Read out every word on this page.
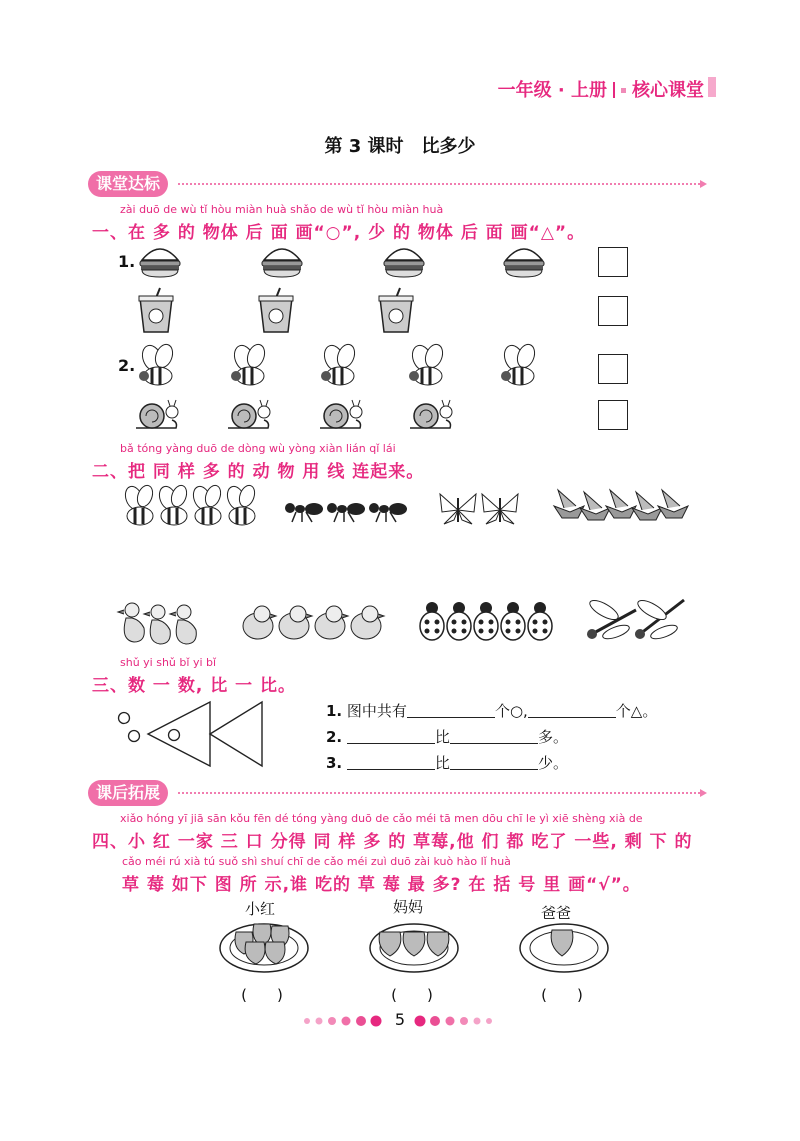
一年级 · 上册 核心课堂
第 3 课时　比多少
课堂达标
zài duō de wù tǐ hòu miàn huà shǎo de wù tǐ hòu miàn huà
一、在 多 的 物体 后 面 画“○”, 少 的 物体 后 面 画“△”。
1.
2.
bǎ tóng yàng duō de dòng wù yòng xiàn lián qǐ lái
二、把 同 样 多 的 动 物 用 线 连起来。
shǔ yi shǔ bǐ yi bǐ
三、数 一 数, 比 一 比。
1. 图中共有	个○,	个△。
2.	比	多。
3.	比	少。
课后拓展
xiǎo hóng yī jiā sān kǒu fēn dé tóng yàng duō de cǎo méi tā men dōu chī le yì xiē shèng xià de
四、小 红 一家 三 口 分得 同 样 多 的 草莓,他 们 都 吃了 一些, 剩 下 的
cǎo méi rú xià tú suǒ shì shuí chī de cǎo méi zuì duō zài kuò hào lǐ huà
草 莓 如下 图 所 示,谁 吃的 草 莓 最 多? 在 括 号 里 画“√”。
小红	妈妈	爸爸
(　　)	(　　)	(　　)
5
